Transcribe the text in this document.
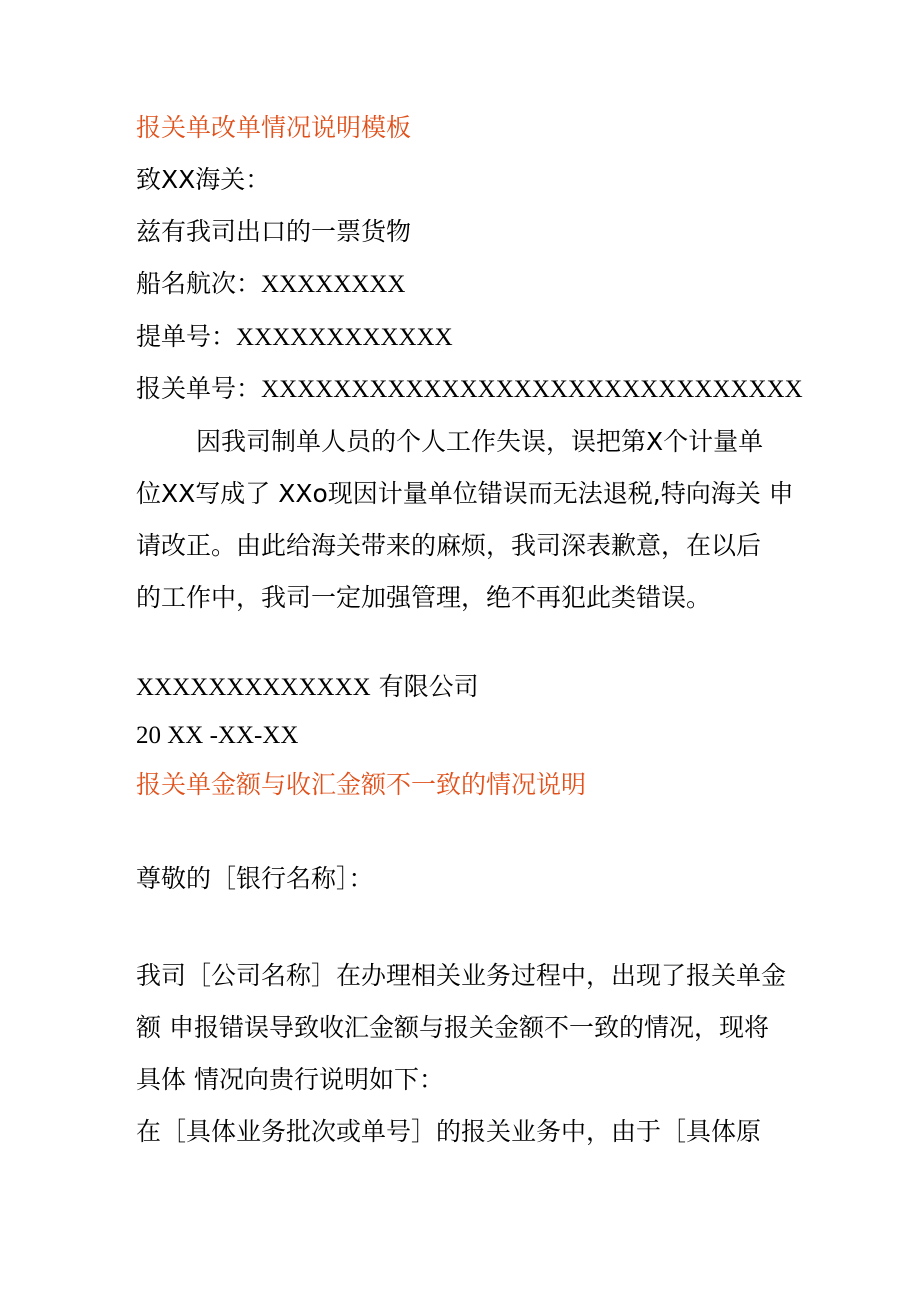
报关单改单情况说明模板
致XX海关：
兹有我司出口的一票货物
船名航次：XXXXXXXX
提单号：XXXXXXXXXXXX
报关单号：XXXXXXXXXXXXXXXXXXXXXXXXXXXXXX
因我司制单人员的个人工作失误，误把第X个计量单
位XX写成了 XXo现因计量单位错误而无法退税,特向海关 申
请改正。由此给海关带来的麻烦，我司深表歉意，在以后
的工作中，我司一定加强管理，绝不再犯此类错误。
XXXXXXXXXXXXX 有限公司
20 XX -XX-XX
报关单金额与收汇金额不一致的情况说明
尊敬的［银行名称］：
我司［公司名称］在办理相关业务过程中，出现了报关单金
额 申报错误导致收汇金额与报关金额不一致的情况，现将
具体 情况向贵行说明如下：
在［具体业务批次或单号］的报关业务中，由于［具体原
